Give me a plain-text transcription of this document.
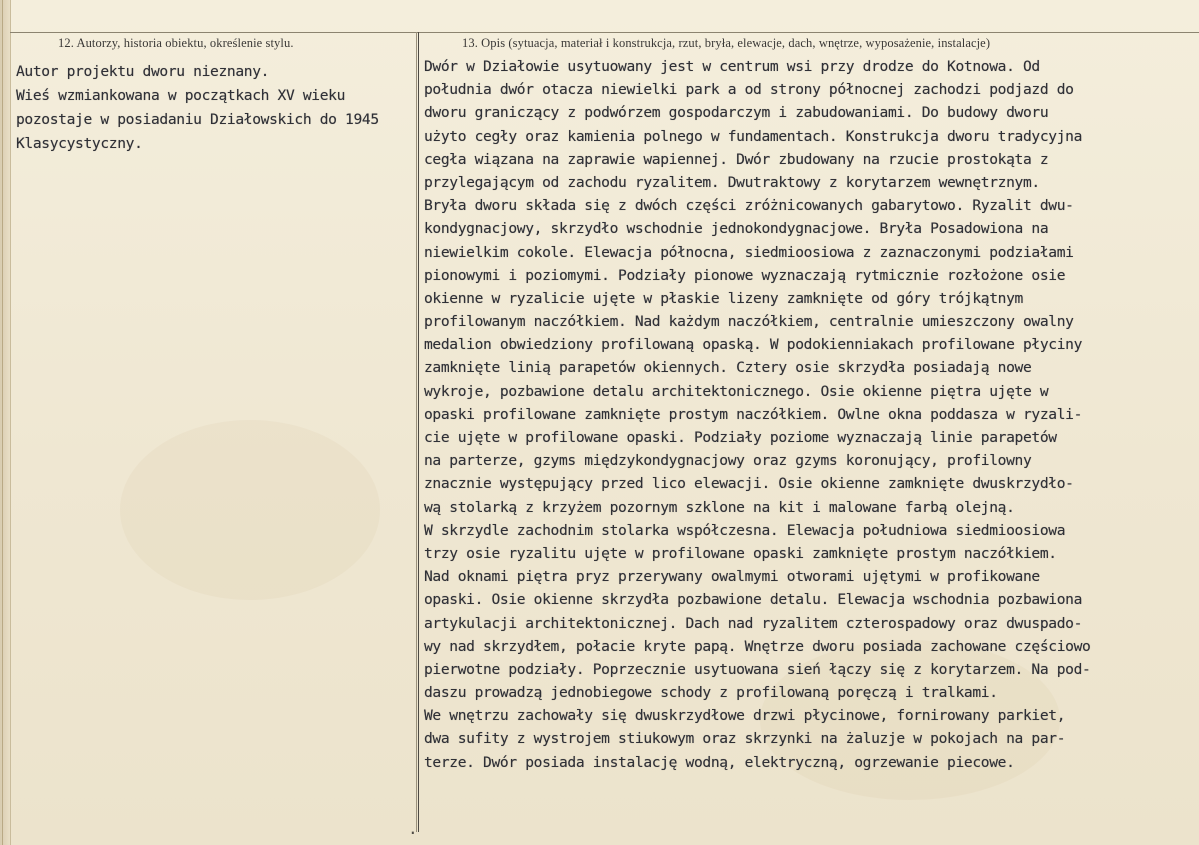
12. Autorzy, historia obiektu, określenie stylu.	13. Opis (sytuacja, materiał i konstrukcja, rzut, bryła, elewacje, dach, wnętrze, wyposażenie, instalacje)
Autor projektu dworu nieznany.
Wieś wzmiankowana w początkach XV wieku
pozostaje w posiadaniu Działowskich do 1945
Klasycystyczny.
Dwór w Działowie usytuowany jest w centrum wsi przy drodze do Kotnowa. Od
południa dwór otacza niewielki park a od strony północnej zachodzi podjazd do
dworu graniczący z podwórzem gospodarczym i zabudowaniami. Do budowy dworu
użyto cegły oraz kamienia polnego w fundamentach. Konstrukcja dworu tradycyjna
cegła wiązana na zaprawie wapiennej. Dwór zbudowany na rzucie prostokąta z
przylegającym od zachodu ryzalitem. Dwutraktowy z korytarzem wewnętrznym.
Bryła dworu składa się z dwóch części zróżnicowanych gabarytowo. Ryzalit dwu-
kondygnacjowy, skrzydło wschodnie jednokondygnacjowe. Bryła Posadowiona na
niewielkim cokole. Elewacja północna, siedmioosiowa z zaznaczonymi podziałami
pionowymi i poziomymi. Podziały pionowe wyznaczają rytmicznie rozłożone osie
okienne w ryzalicie ujęte w płaskie lizeny zamknięte od góry trójkątnym
profilowanym naczółkiem. Nad każdym naczółkiem, centralnie umieszczony owalny
medalion obwiedziony profilowaną opaską. W podokienniakach profilowane płyciny
zamknięte linią parapetów okiennych. Cztery osie skrzydła posiadają nowe
wykroje, pozbawione detalu architektonicznego. Osie okienne piętra ujęte w
opaski profilowane zamknięte prostym naczółkiem. Owlne okna poddasza w ryzali-
cie ujęte w profilowane opaski. Podziały poziome wyznaczają linie parapetów
na parterze, gzyms międzykondygnacjowy oraz gzyms koronujący, profilowny
znacznie występujący przed lico elewacji. Osie okienne zamknięte dwuskrzydło-
wą stolarką z krzyżem pozornym szklone na kit i malowane farbą olejną.
W skrzydle zachodnim stolarka współczesna. Elewacja południowa siedmioosiowa
trzy osie ryzalitu ujęte w profilowane opaski zamknięte prostym naczółkiem.
Nad oknami piętra pryz przerywany owalmymi otworami ujętymi w profikowane
opaski. Osie okienne skrzydła pozbawione detalu. Elewacja wschodnia pozbawiona
artykulacji architektonicznej. Dach nad ryzalitem czterospadowy oraz dwuspado-
wy nad skrzydłem, połacie kryte papą. Wnętrze dworu posiada zachowane częściowo
pierwotne podziały. Poprzecznie usytuowana sień łączy się z korytarzem. Na pod-
daszu prowadzą jednobiegowe schody z profilowaną poręczą i tralkami.
We wnętrzu zachowały się dwuskrzydłowe drzwi płycinowe, fornirowany parkiet,
dwa sufity z wystrojem stiukowym oraz skrzynki na żaluzje w pokojach na par-
terze. Dwór posiada instalację wodną, elektryczną, ogrzewanie piecowe.
.
